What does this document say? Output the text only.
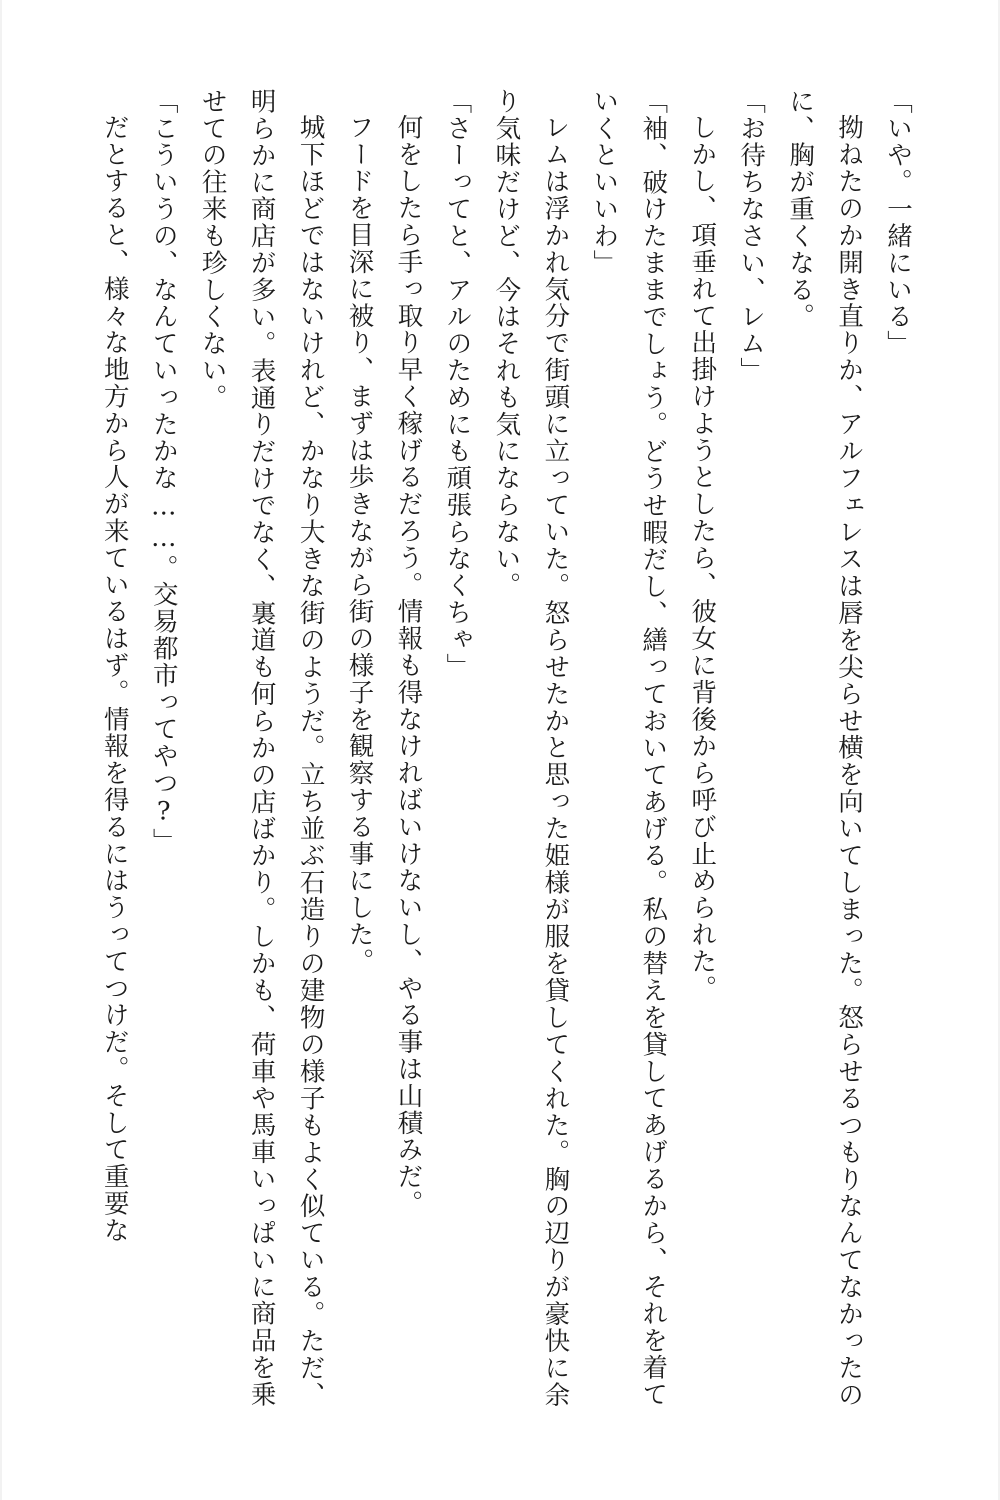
「いや。一緒にいる」

拗ねたのか開き直りか、アルフェレスは唇を尖らせ横を向いてしまった。怒らせるつもりなんてなかったのに、胸が重くなる。

「お待ちなさい、レム」

しかし、項垂れて出掛けようとしたら、彼女に背後から呼び止められた。

「袖、破けたままでしょう。どうせ暇だし、繕っておいてあげる。私の替えを貸してあげるから、それを着ていくといいわ」

レムは浮かれ気分で街頭に立っていた。怒らせたかと思った姫様が服を貸してくれた。胸の辺りが豪快に余り気味だけど、今はそれも気にならない。

「さーってと、アルのためにも頑張らなくちゃ」

何をしたら手っ取り早く稼げるだろう。情報も得なければいけないし、やる事は山積みだ。

フードを目深に被り、まずは歩きながら街の様子を観察する事にした。

城下ほどではないけれど、かなり大きな街のようだ。立ち並ぶ石造りの建物の様子もよく似ている。ただ、明らかに商店が多い。表通りだけでなく、裏道も何らかの店ばかり。しかも、荷車や馬車いっぱいに商品を乗せての往来も珍しくない。

「こういうの、なんていったかな……。交易都市ってやつ?」

だとすると、様々な地方から人が来ているはず。情報を得るにはうってつけだ。そして重要な
